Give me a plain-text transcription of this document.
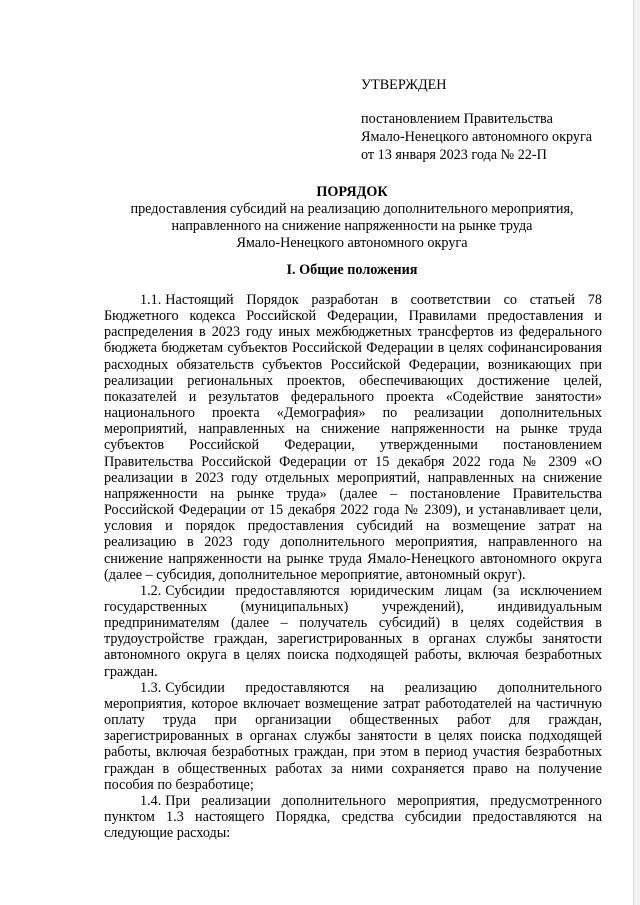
УТВЕРЖДЕН
постановлением Правительства
Ямало-Ненецкого автономного округа
от 13 января 2023 года № 22-П
ПОРЯДОК
предоставления субсидий на реализацию дополнительного мероприятия,
направленного на снижение напряженности на рынке труда
Ямало-Ненецкого автономного округа
I. Общие положения

1.1. Настоящий Порядок разработан в соответствии со статьей 78 Бюджетного кодекса Российской Федерации, Правилами предоставления и распределения в 2023 году иных межбюджетных трансфертов из федерального бюджета бюджетам субъектов Российской Федерации в целях софинансирования расходных обязательств субъектов Российской Федерации, возникающих при реализации региональных проектов, обеспечивающих достижение целей, показателей и результатов федерального проекта «Содействие занятости» национального проекта «Демография» по реализации дополнительных мероприятий, направленных на снижение напряженности на рынке труда субъектов Российской Федерации, утвержденными постановлением Правительства Российской Федерации от 15 декабря 2022 года № 2309 «О реализации в 2023 году отдельных мероприятий, направленных на снижение напряженности на рынке труда» (далее – постановление Правительства Российской Федерации от 15 декабря 2022 года № 2309), и устанавливает цели, условия и порядок предоставления субсидий на возмещение затрат на реализацию в 2023 году дополнительного мероприятия, направленного на снижение напряженности на рынке труда Ямало-Ненецкого автономного округа (далее – субсидия, дополнительное мероприятие, автономный округ).

1.2. Субсидии предоставляются юридическим лицам (за исключением государственных (муниципальных) учреждений), индивидуальным предпринимателям (далее – получатель субсидий) в целях содействия в трудоустройстве граждан, зарегистрированных в органах службы занятости автономного округа в целях поиска подходящей работы, включая безработных граждан.

1.3. Субсидии предоставляются на реализацию дополнительного мероприятия, которое включает возмещение затрат работодателей на частичную оплату труда при организации общественных работ для граждан, зарегистрированных в органах службы занятости в целях поиска подходящей работы, включая безработных граждан, при этом в период участия безработных граждан в общественных работах за ними сохраняется право на получение пособия по безработице;

1.4. При реализации дополнительного мероприятия, предусмотренного пунктом 1.3 настоящего Порядка, средства субсидии предоставляются на следующие расходы:
